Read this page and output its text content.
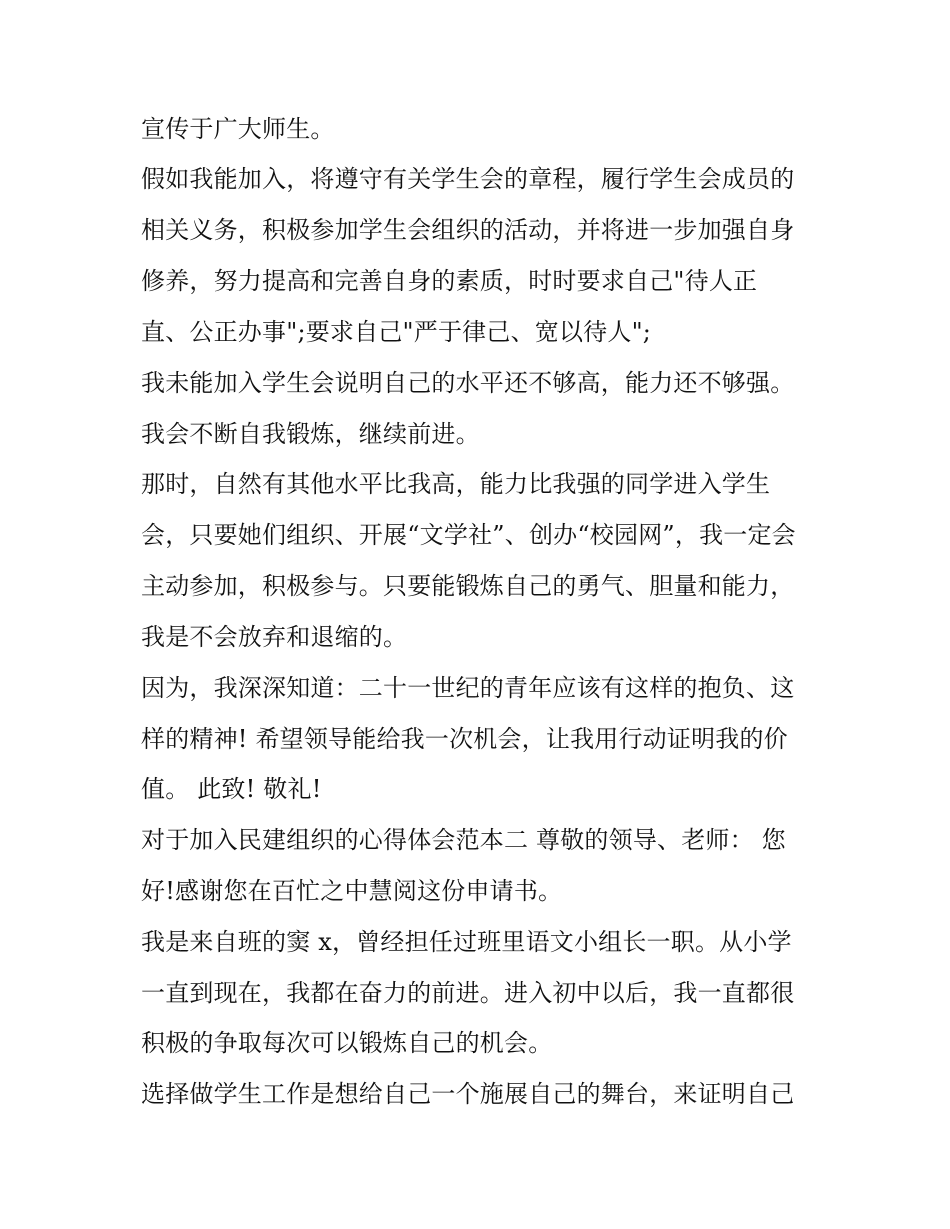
宣传于广大师生。

假如我能加入，将遵守有关学生会的章程，履行学生会成员的

相关义务，积极参加学生会组织的活动，并将进一步加强自身

修养，努力提高和完善自身的素质，时时要求自己"待人正

直、公正办事";要求自己"严于律己、宽以待人";

我未能加入学生会说明自己的水平还不够高，能力还不够强。

我会不断自我锻炼，继续前进。

那时，自然有其他水平比我高，能力比我强的同学进入学生

会，只要她们组织、开展“文学社”、创办“校园网”，我一定会

主动参加，积极参与。只要能锻炼自己的勇气、胆量和能力，

我是不会放弃和退缩的。

因为，我深深知道：二十一世纪的青年应该有这样的抱负、这

样的精神! 希望领导能给我一次机会，让我用行动证明我的价

值。 此致! 敬礼!

对于加入民建组织的心得体会范本二 尊敬的领导、老师： 您

好!感谢您在百忙之中慧阅这份申请书。

我是来自班的窦 x，曾经担任过班里语文小组长一职。从小学

一直到现在，我都在奋力的前进。进入初中以后，我一直都很

积极的争取每次可以锻炼自己的机会。

选择做学生工作是想给自己一个施展自己的舞台，来证明自己
